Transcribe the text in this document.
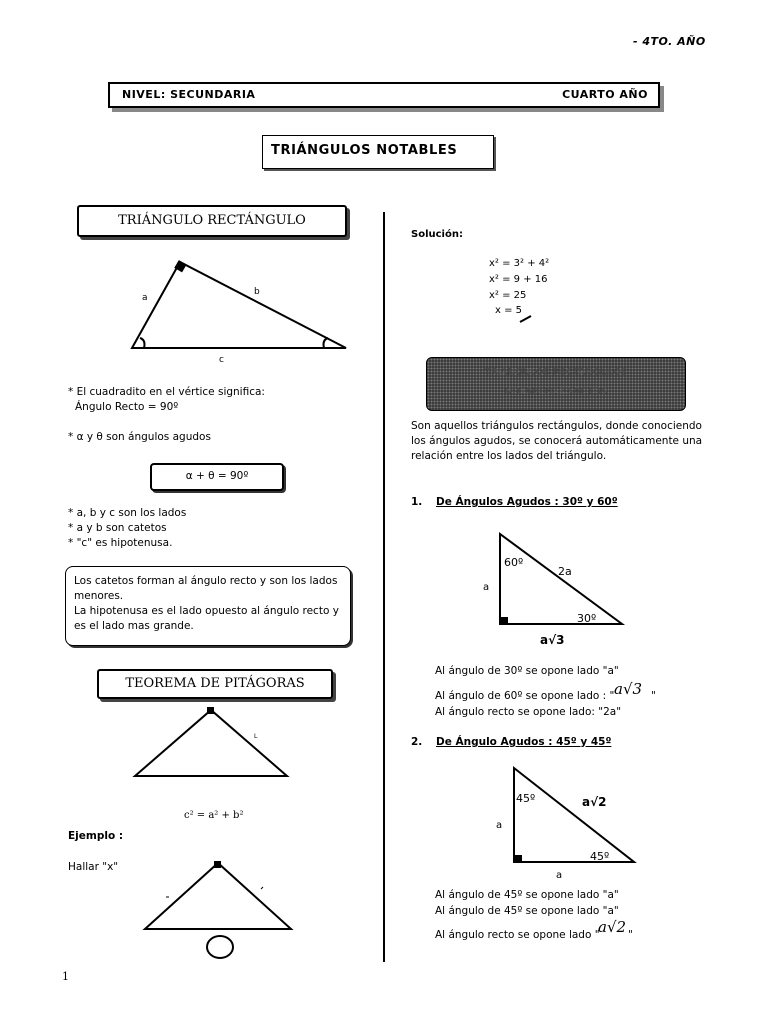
- 4TO. AÑO
NIVEL: SECUNDARIA	CUARTO AÑO
TRIÁNGULOS NOTABLES
TRIÁNGULO RECTÁNGULO
a
b
c
* El cuadradito en el vértice significa:
Ángulo Recto = 90º
* α y θ son ángulos agudos
α + θ = 90º
* a, b y c son los lados
* a y b son catetos
* "c" es hipotenusa.
Los catetos forman al ángulo recto y son los lados
menores.
La hipotenusa es el lado opuesto al ángulo recto y
es el lado mas grande.
TEOREMA DE PITÁGORAS
L
c² = a² + b²
Ejemplo :
Hallar "x"
Solución:
x² = 3² + 4²
x² = 9 + 16
x² = 25
x = 5
TRIÁNGULOS RECTÁNGULOS
NOTABLES EXACTOS
Son aquellos triángulos rectángulos, donde conociendo
los ángulos agudos, se conocerá automáticamente una
relación entre los lados del triángulo.
1. De Ángulos Agudos : 30º y 60º
60º
2a
a
30º
a√3
Al ángulo de 30º se opone lado "a"
Al ángulo de 60º se opone lado : " a√3 "
Al ángulo recto se opone lado: "2a"
2. De Ángulo Agudos : 45º y 45º
45º	a√2
a
45º
a
Al ángulo de 45º se opone lado "a"
Al ángulo de 45º se opone lado "a"
Al ángulo recto se opone lado "
a√2 "
1
